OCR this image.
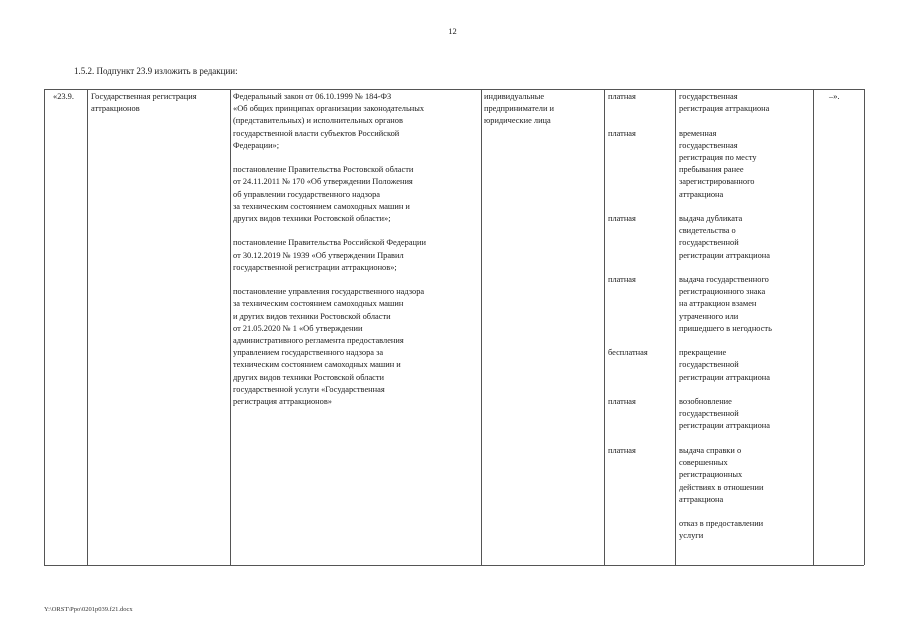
12
1.5.2. Подпункт 23.9 изложить в редакции:
«23.9. Государственная регистрация
аттракционов
Федеральный закон от 06.10.1999 № 184-ФЗ
«Об общих принципах организации законодательных
(представительных) и исполнительных органов
государственной власти субъектов Российской
Федерации»;

постановление Правительства Ростовской области
от 24.11.2011 № 170 «Об утверждении Положения
об управлении государственного надзора
за техническим состоянием самоходных машин и
других видов техники Ростовской области»;

постановление Правительства Российской Федерации
от 30.12.2019 № 1939 «Об утверждении Правил
государственной регистрации аттракционов»;

постановление управления государственного надзора
за техническим состоянием самоходных машин
и других видов техники Ростовской области
от 21.05.2020 № 1 «Об утверждении
административного регламента предоставления
управлением государственного надзора за
техническим состоянием самоходных машин и
других видов техники Ростовской области
государственной услуги «Государственная
регистрация аттракционов»
индивидуальные
предприниматели и
юридические лица
платная

платная

платная

платная

бесплатная

платная

платная

государственная
регистрация аттракциона

временная
государственная
регистрация по месту
пребывания ранее
зарегистрированного
аттракциона

выдача дубликата
свидетельства о
государственной
регистрации аттракциона

выдача государственного
регистрационного знака
на аттракцион взамен
утраченного или
пришедшего в негодность

прекращение
государственной
регистрации аттракциона

возобновление
государственной
регистрации аттракциона

выдача справки о
совершенных
регистрационных
действиях в отношении
аттракциона

отказ в предоставлении
услуги
–».
Y:\ORST\Ppo\0201p039.f21.docx
